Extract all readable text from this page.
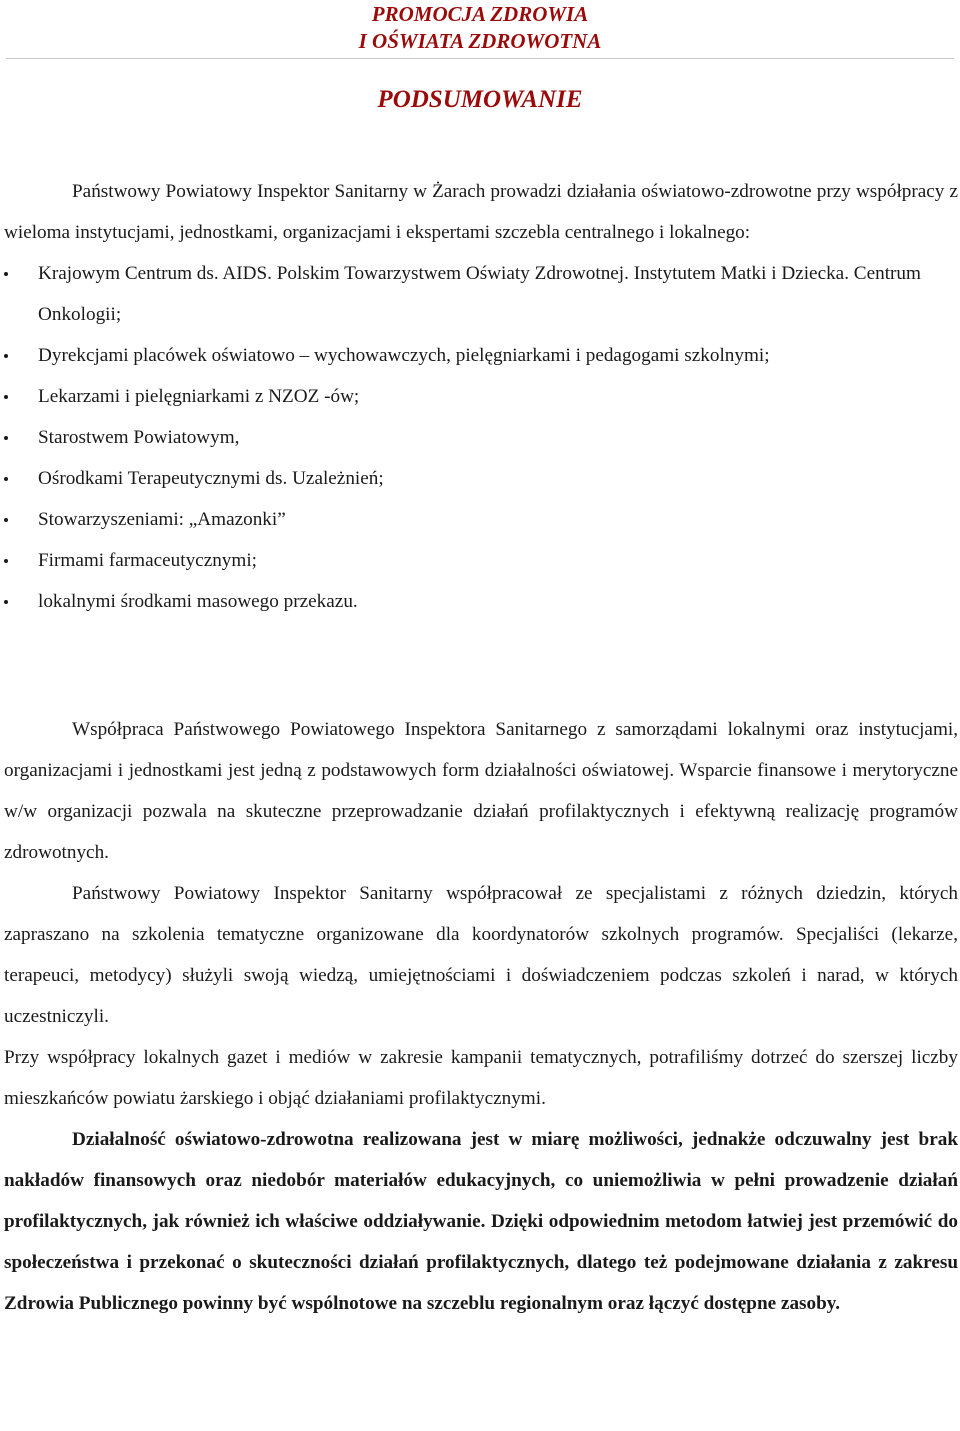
PROMOCJA ZDROWIA
I OŚWIATA ZDROWOTNA
PODSUMOWANIE

Państwowy Powiatowy Inspektor Sanitarny w Żarach prowadzi działania oświatowo-zdrowotne przy współpracy z wieloma instytucjami, jednostkami, organizacjami i ekspertami szczebla centralnego i lokalnego:

Krajowym Centrum ds. AIDS. Polskim Towarzystwem Oświaty Zdrowotnej. Instytutem Matki i Dziecka. Centrum Onkologii;
Dyrekcjami placówek oświatowo – wychowawczych, pielęgniarkami i pedagogami szkolnymi;
Lekarzami i pielęgniarkami z NZOZ -ów;
Starostwem Powiatowym,
Ośrodkami Terapeutycznymi ds. Uzależnień;
Stowarzyszeniami: „Amazonki”
Firmami farmaceutycznymi;
lokalnymi środkami masowego przekazu.

Współpraca Państwowego Powiatowego Inspektora Sanitarnego z samorządami lokalnymi oraz instytucjami, organizacjami i jednostkami jest jedną z podstawowych form działalności oświatowej. Wsparcie finansowe i merytoryczne w/w organizacji pozwala na skuteczne przeprowadzanie działań profilaktycznych i efektywną realizację programów zdrowotnych.

Państwowy Powiatowy Inspektor Sanitarny współpracował ze specjalistami z różnych dziedzin, których zapraszano na szkolenia tematyczne organizowane dla koordynatorów szkolnych programów. Specjaliści (lekarze, terapeuci, metodycy) służyli swoją wiedzą, umiejętnościami i doświadczeniem podczas szkoleń i narad, w których uczestniczyli.

Przy współpracy lokalnych gazet i mediów w zakresie kampanii tematycznych, potrafiliśmy dotrzeć do szerszej liczby mieszkańców powiatu żarskiego i objąć działaniami profilaktycznymi.

Działalność oświatowo-zdrowotna realizowana jest w miarę możliwości, jednakże odczuwalny jest brak nakładów finansowych oraz niedobór materiałów edukacyjnych, co uniemożliwia w pełni prowadzenie działań profilaktycznych, jak również ich właściwe oddziaływanie. Dzięki odpowiednim metodom łatwiej jest przemówić do społeczeństwa i przekonać o skuteczności działań profilaktycznych, dlatego też podejmowane działania z zakresu Zdrowia Publicznego powinny być wspólnotowe na szczeblu regionalnym oraz łączyć dostępne zasoby.
